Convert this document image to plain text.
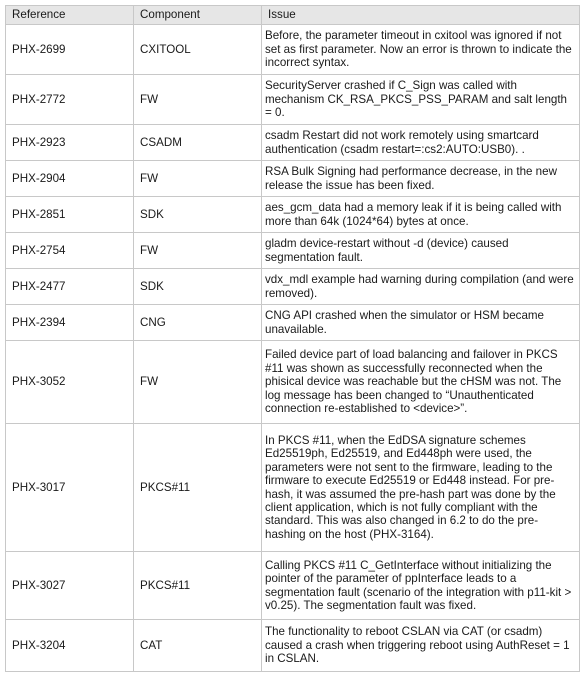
Reference	Component	Issue
PHX-2699	CXITOOL	Before, the parameter timeout in cxitool was ignored if not set as first parameter. Now an error is thrown to indicate the incorrect syntax.
PHX-2772	FW	SecurityServer crashed if C_Sign was called with mechanism CK_RSA_PKCS_PSS_PARAM and salt length = 0.
PHX-2923	CSADM	csadm Restart did not work remotely using smartcard authentication (csadm restart=:cs2:AUTO:USB0). .
PHX-2904	FW	RSA Bulk Signing had performance decrease, in the new release the issue has been fixed.
PHX-2851	SDK	aes_gcm_data had a memory leak if it is being called with more than 64k (1024*64) bytes at once.
PHX-2754	FW	gladm device-restart without -d (device) caused segmentation fault.
PHX-2477	SDK	vdx_mdl example had warning during compilation (and were removed).
PHX-2394	CNG	CNG API crashed when the simulator or HSM became unavailable.
PHX-3052	FW	Failed device part of load balancing and failover in PKCS #11 was shown as successfully reconnected when the phisical device was reachable but the cHSM was not. The log message has been changed to “Unauthenticated connection re-established to <device>”.
PHX-3017	PKCS#11	In PKCS #11, when the EdDSA signature schemes Ed25519ph, Ed25519, and Ed448ph were used, the parameters were not sent to the firmware, leading to the firmware to execute Ed25519 or Ed448 instead. For pre-hash, it was assumed the pre-hash part was done by the client application, which is not fully compliant with the standard. This was also changed in 6.2 to do the pre-hashing on the host (PHX-3164).
PHX-3027	PKCS#11	Calling PKCS #11 C_GetInterface without initializing the pointer of the parameter of ppInterface leads to a segmentation fault (scenario of the integration with p11-kit > v0.25). The segmentation fault was fixed.
PHX-3204	CAT	The functionality to reboot CSLAN via CAT (or csadm) caused a crash when triggering reboot using AuthReset = 1 in CSLAN.
